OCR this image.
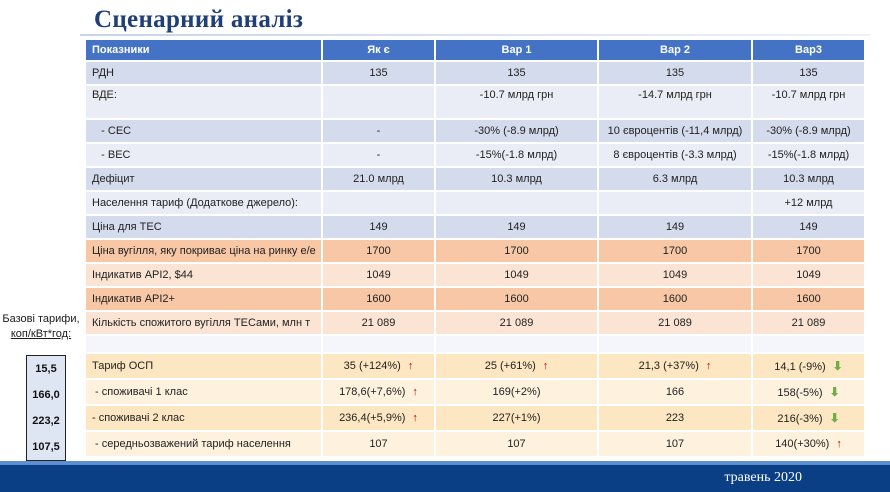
Сценарний аналіз
Показники	Як є	Вар 1	Вар 2	Вар3
РДН	135	135	135	135
ВДЕ:		-10.7 млрд грн	-14.7 млрд грн	-10.7 млрд грн
- СЕС	-	-30% (-8.9 млрд)	10 євроцентів (-11,4 млрд)	-30% (-8.9 млрд)
- ВЕС	-	-15%(-1.8 млрд)	8 євроцентів (-3.3 млрд)	-15%(-1.8 млрд)
Дефіцит	21.0 млрд	10.3 млрд	6.3 млрд	10.3 млрд
Населення тариф (Додаткове джерело):				+12 млрд
Ціна для ТЕС	149	149	149	149
Ціна вугілля, яку покриває ціна на ринку е/е	1700	1700	1700	1700
Індикатив API2, $44	1049	1049	1049	1049
Індикатив API2+	1600	1600	1600	1600
Кількість спожитого вугілля ТЕСами, млн т	21 089	21 089	21 089	21 089

Тариф ОСП	35 (+124%) ↑	25 (+61%) ↑	21,3 (+37%) ↑	14,1 (-9%) ⬇
- споживачі 1 клас	178,6(+7,6%) ↑	169(+2%)	166	158(-5%) ⬇
- споживачі 2 клас	236,4(+5,9%) ↑	227(+1%)	223	216(-3%) ⬇
- середньозважений тариф населення	107	107	107	140(+30%) ↑
Базові тарифи,
коп/кВт*год:
15,5
166,0
223,2
107,5
травень 2020
